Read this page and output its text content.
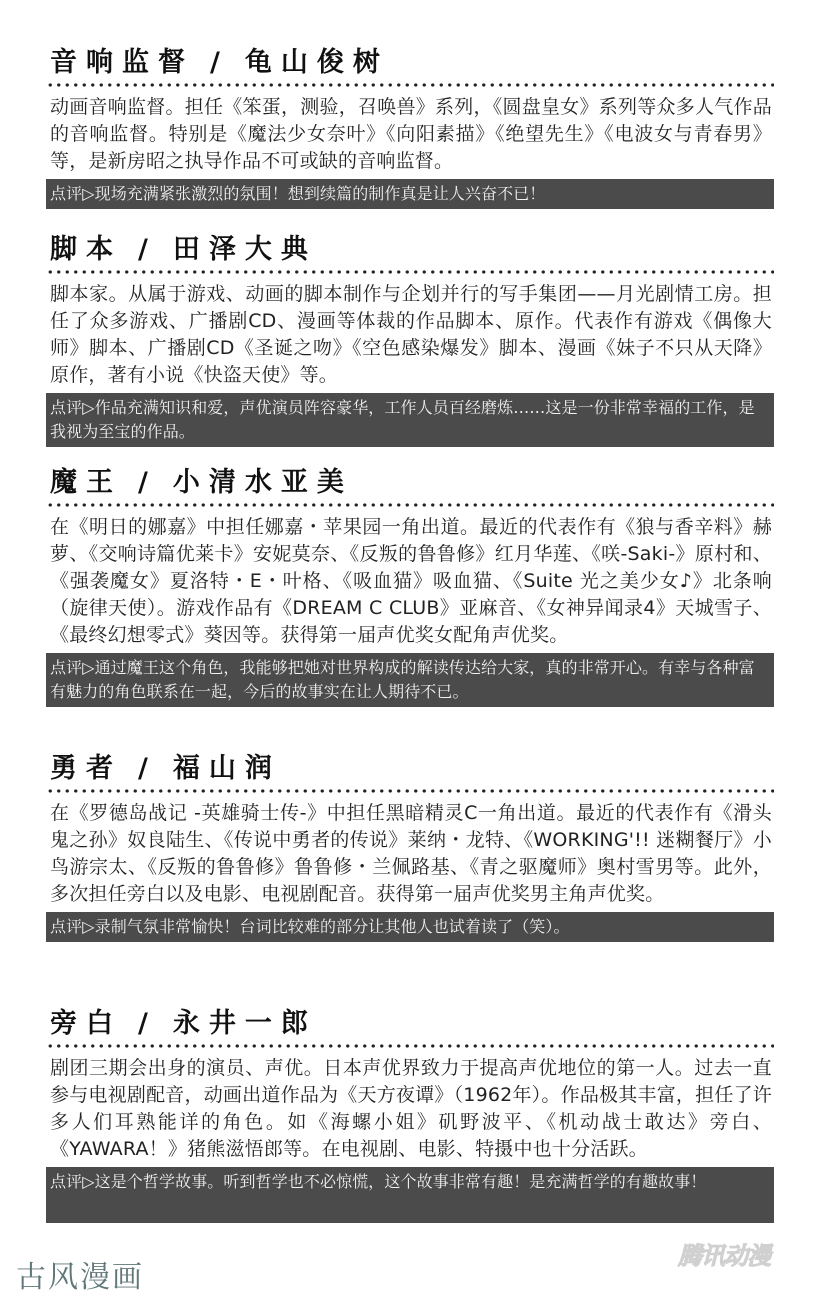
音响监督 / 龟山俊树
动画音响监督。担任《笨蛋，测验，召唤兽》系列，《圆盘皇女》系列等众多人气作品的音响监督。特别是《魔法少女奈叶》《向阳素描》《绝望先生》《电波女与青春男》等，是新房昭之执导作品不可或缺的音响监督。
点评▷现场充满紧张激烈的氛围！想到续篇的制作真是让人兴奋不已！
脚本 / 田泽大典
脚本家。从属于游戏、动画的脚本制作与企划并行的写手集团——月光剧情工房。担任了众多游戏、广播剧CD、漫画等体裁的作品脚本、原作。代表作有游戏《偶像大师》脚本、广播剧CD《圣诞之吻》《空色感染爆发》脚本、漫画《妹子不只从天降》原作，著有小说《快盗天使》等。
点评▷作品充满知识和爱，声优演员阵容豪华，工作人员百经磨炼……这是一份非常幸福的工作，是我视为至宝的作品。
魔王 / 小清水亚美
在《明日的娜嘉》中担任娜嘉・苹果园一角出道。最近的代表作有《狼与香辛料》赫萝、《交响诗篇优莱卡》安妮莫奈、《反叛的鲁鲁修》红月华莲、《咲-Saki-》原村和、《强袭魔女》夏洛特・E・叶格、《吸血猫》吸血猫、《Suite 光之美少女♪》北条响（旋律天使）。游戏作品有《DREAM C CLUB》亚麻音、《女神异闻录4》天城雪子、《最终幻想零式》葵因等。获得第一届声优奖女配角声优奖。
点评▷通过魔王这个角色，我能够把她对世界构成的解读传达给大家，真的非常开心。有幸与各种富有魅力的角色联系在一起，今后的故事实在让人期待不已。
勇者 / 福山润
在《罗德岛战记 -英雄骑士传-》中担任黑暗精灵C一角出道。最近的代表作有《滑头鬼之孙》奴良陆生、《传说中勇者的传说》莱纳・龙特、《WORKING'!! 迷糊餐厅》小鸟游宗太、《反叛的鲁鲁修》鲁鲁修・兰佩路基、《青之驱魔师》奥村雪男等。此外，多次担任旁白以及电影、电视剧配音。获得第一届声优奖男主角声优奖。
点评▷录制气氛非常愉快！台词比较难的部分让其他人也试着读了（笑）。
旁白 / 永井一郎
剧团三期会出身的演员、声优。日本声优界致力于提高声优地位的第一人。过去一直参与电视剧配音，动画出道作品为《天方夜谭》（1962年）。作品极其丰富，担任了许多人们耳熟能详的角色。如《海螺小姐》矶野波平、《机动战士敢达》旁白、《YAWARA！》猪熊滋悟郎等。在电视剧、电影、特摄中也十分活跃。
点评▷这是个哲学故事。听到哲学也不必惊慌，这个故事非常有趣！是充满哲学的有趣故事！
腾讯动漫
古风漫画
